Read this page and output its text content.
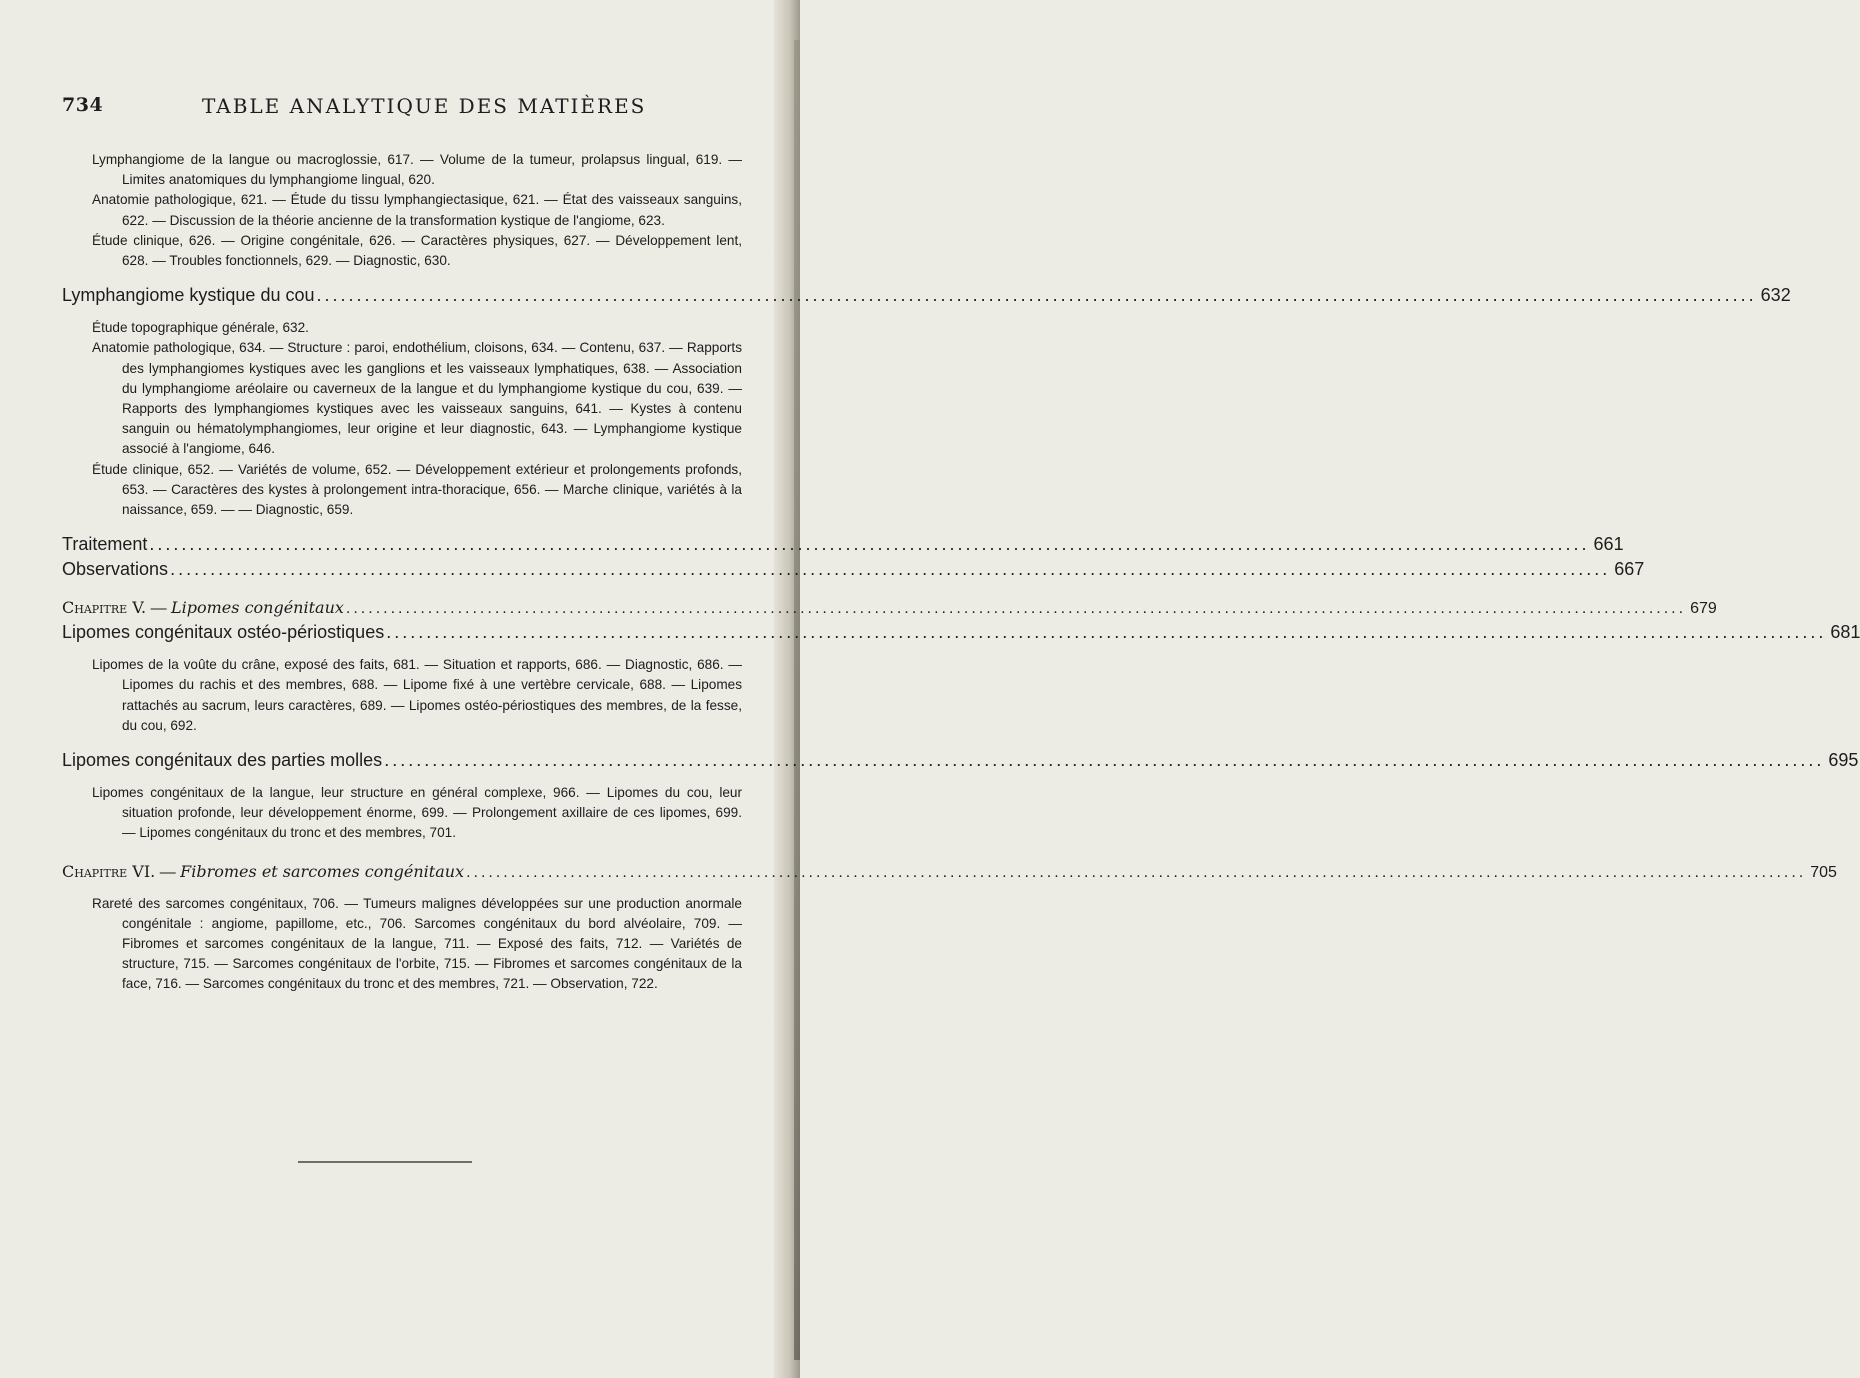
734	TABLE ANALYTIQUE DES MATIÈRES

Lymphangiome de la langue ou macroglossie, 617. — Volume de la tumeur, prolapsus lingual, 619. — Limites anatomiques du lymphangiome lingual, 620.

Anatomie pathologique, 621. — Étude du tissu lymphangiectasique, 621. — État des vaisseaux sanguins, 622. — Discussion de la théorie ancienne de la transformation kystique de l'angiome, 623.

Étude clinique, 626. — Origine congénitale, 626. — Caractères physiques, 627. — Développement lent, 628. — Troubles fonctionnels, 629. — Diagnostic, 630.

Lymphangiome kystique du cou .................................................................................................................................................................................... 632

Étude topographique générale, 632.

Anatomie pathologique, 634. — Structure : paroi, endothélium, cloisons, 634. — Contenu, 637. — Rapports des lymphangiomes kystiques avec les ganglions et les vaisseaux lymphatiques, 638. — Association du lymphangiome aréolaire ou caverneux de la langue et du lymphangiome kystique du cou, 639. — Rapports des lymphangiomes kystiques avec les vaisseaux sanguins, 641. — Kystes à contenu sanguin ou hématolymphangiomes, leur origine et leur diagnostic, 643. — Lymphangiome kystique associé à l'angiome, 646.

Étude clinique, 652. — Variétés de volume, 652. — Développement extérieur et prolongements profonds, 653. — Caractères des kystes à prolongement intra-thoracique, 656. — Marche clinique, variétés à la naissance, 659. — — Diagnostic, 659.

Traitement .................................................................................................................................................................................... 661
Observations .................................................................................................................................................................................... 667
Chapitre V. — Lipomes congénitaux .................................................................................................................................................................................... 679
Lipomes congénitaux ostéo-périostiques .................................................................................................................................................................................... 681

Lipomes de la voûte du crâne, exposé des faits, 681. — Situation et rapports, 686. — Diagnostic, 686. — Lipomes du rachis et des membres, 688. — Lipome fixé à une vertèbre cervicale, 688. — Lipomes rattachés au sacrum, leurs caractères, 689. — Lipomes ostéo-périostiques des membres, de la fesse, du cou, 692.

Lipomes congénitaux des parties molles .................................................................................................................................................................................... 695

Lipomes congénitaux de la langue, leur structure en général complexe, 966. — Lipomes du cou, leur situation profonde, leur développement énorme, 699. — Prolongement axillaire de ces lipomes, 699. — Lipomes congénitaux du tronc et des membres, 701.

Chapitre VI. — Fibromes et sarcomes congénitaux .................................................................................................................................................................................... 705

Rareté des sarcomes congénitaux, 706. — Tumeurs malignes développées sur une production anormale congénitale : angiome, papillome, etc., 706. Sarcomes congénitaux du bord alvéolaire, 709. — Fibromes et sarcomes congénitaux de la langue, 711. — Exposé des faits, 712. — Variétés de structure, 715. — Sarcomes congénitaux de l'orbite, 715. — Fibromes et sarcomes congénitaux de la face, 716. — Sarcomes congénitaux du tronc et des membres, 721. — Observation, 722.
